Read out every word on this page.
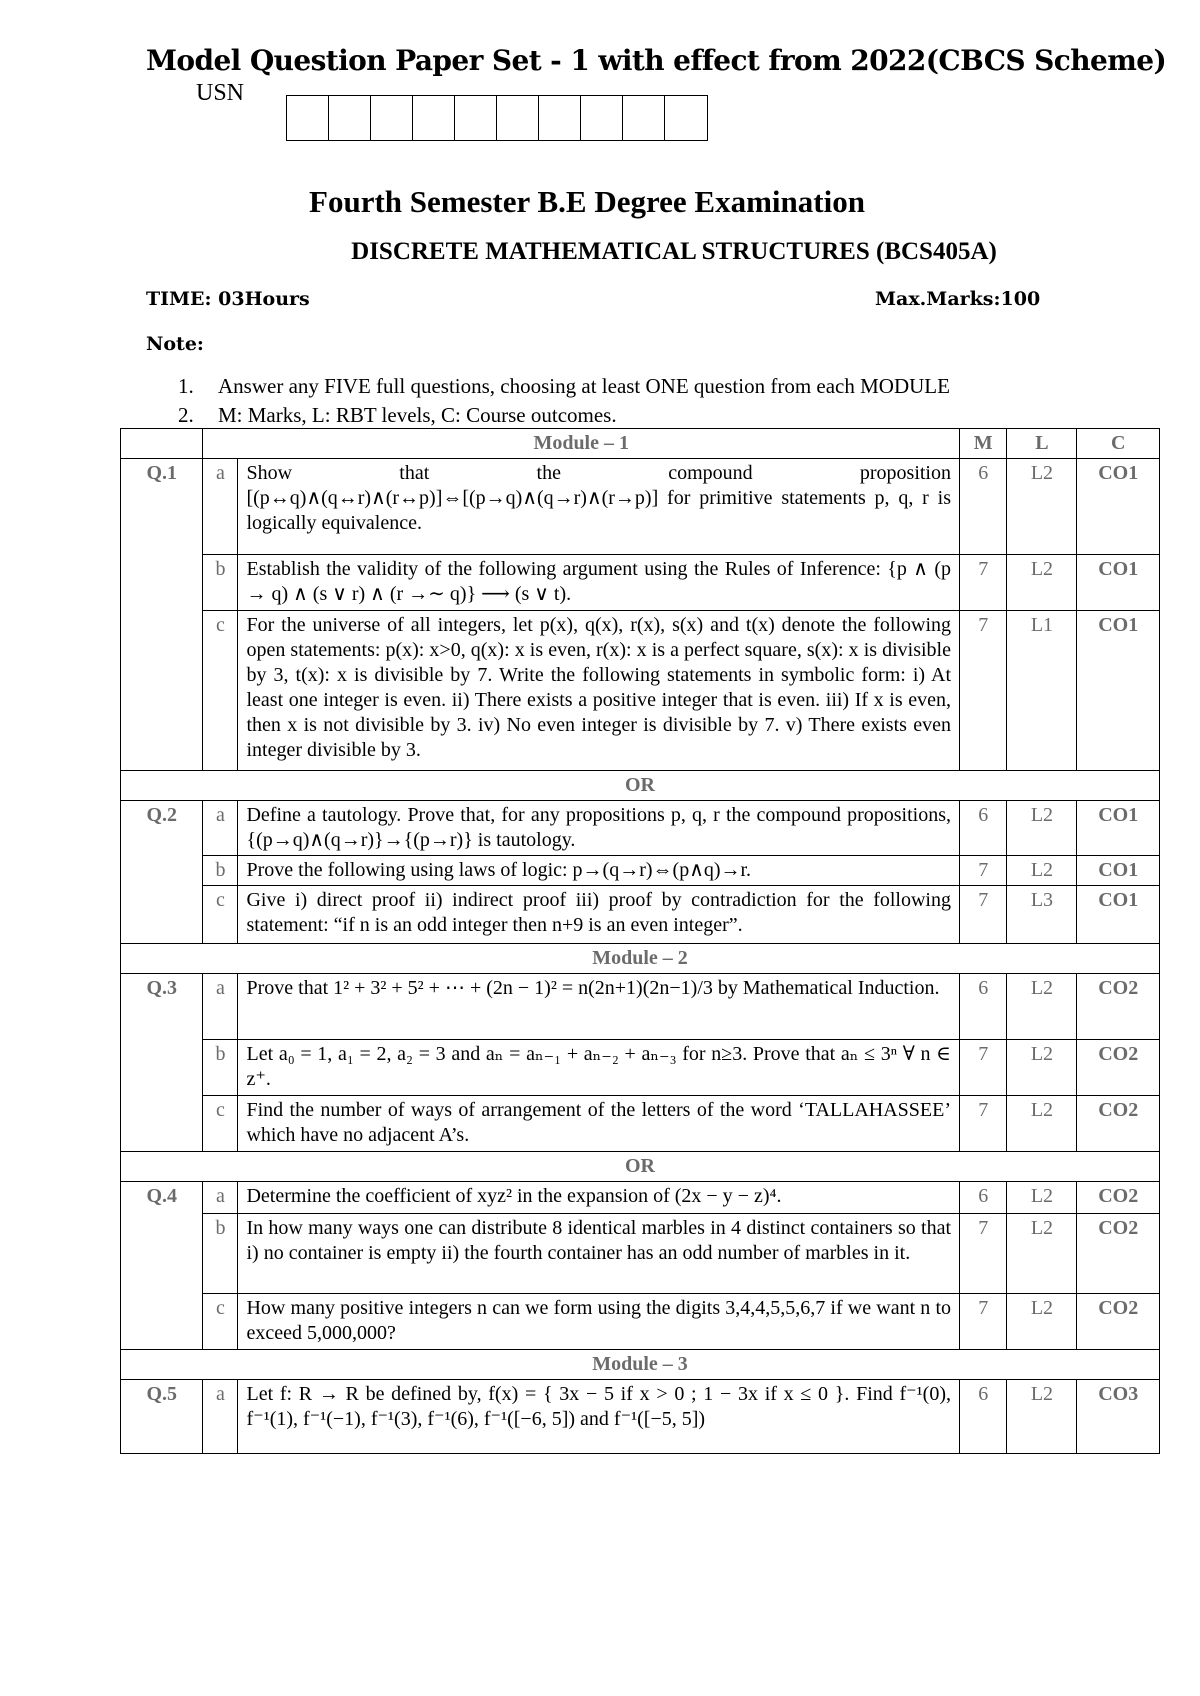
Model Question Paper Set - 1 with effect from 2022(CBCS Scheme)
USN
Fourth Semester B.E Degree Examination
DISCRETE MATHEMATICAL STRUCTURES (BCS405A)
TIME: 03Hours	Max.Marks:100
Note:
1. Answer any FIVE full questions, choosing at least ONE question from each MODULE
2. M: Marks, L: RBT levels, C: Course outcomes.
	Module – 1		M	L	C
Q.1	a	Show that the compound proposition [(p↔q)∧(q↔r)∧(r↔p)]⇔[(p→q)∧(q→r)∧(r→p)] for primitive statements p, q, r is logically equivalence.	6	L2	CO1
	b	Establish the validity of the following argument using the Rules of Inference: {p ∧ (p → q) ∧ (s ∨ r) ∧ (r →∼ q)} ⟶ (s ∨ t).	7	L2	CO1
	c	For the universe of all integers, let p(x), q(x), r(x), s(x) and t(x) denote the following open statements: p(x): x>0, q(x): x is even, r(x): x is a perfect square, s(x): x is divisible by 3, t(x): x is divisible by 7. Write the following statements in symbolic form: i) At least one integer is even. ii) There exists a positive integer that is even. iii) If x is even, then x is not divisible by 3. iv) No even integer is divisible by 7. v) There exists even integer divisible by 3.	7	L1	CO1
OR					
Q.2	a	Define a tautology. Prove that, for any propositions p, q, r the compound propositions, {(p→q)∧(q→r)}→{(p→r)} is tautology.	6	L2	CO1
	b	Prove the following using laws of logic: p→(q→r)⇔(p∧q)→r.	7	L2	CO1
	c	Give i) direct proof ii) indirect proof iii) proof by contradiction for the following statement: “if n is an odd integer then n+9 is an even integer”.	7	L3	CO1
Module – 2					
Q.3	a	Prove that 1² + 3² + 5² + ⋯ + (2n − 1)² = n(2n+1)(2n−1)/3 by Mathematical Induction.	6	L2	CO2
	b	Let a₀ = 1, a₁ = 2, a₂ = 3 and aₙ = aₙ₋₁ + aₙ₋₂ + aₙ₋₃ for n≥3. Prove that aₙ ≤ 3ⁿ ∀ n ∈ z⁺.	7	L2	CO2
	c	Find the number of ways of arrangement of the letters of the word ‘TALLAHASSEE’ which have no adjacent A’s.	7	L2	CO2
OR					
Q.4	a	Determine the coefficient of xyz² in the expansion of (2x − y − z)⁴.	6	L2	CO2
	b	In how many ways one can distribute 8 identical marbles in 4 distinct containers so that i) no container is empty ii) the fourth container has an odd number of marbles in it.	7	L2	CO2
	c	How many positive integers n can we form using the digits 3,4,4,5,5,6,7 if we want n to exceed 5,000,000?	7	L2	CO2
Module – 3					
Q.5	a	Let f: R → R be defined by, f(x) = { 3x − 5 if x > 0 ; 1 − 3x if x ≤ 0 }. Find f⁻¹(0), f⁻¹(1), f⁻¹(−1), f⁻¹(3), f⁻¹(6), f⁻¹([−6, 5]) and f⁻¹([−5, 5])	6	L2	CO3
